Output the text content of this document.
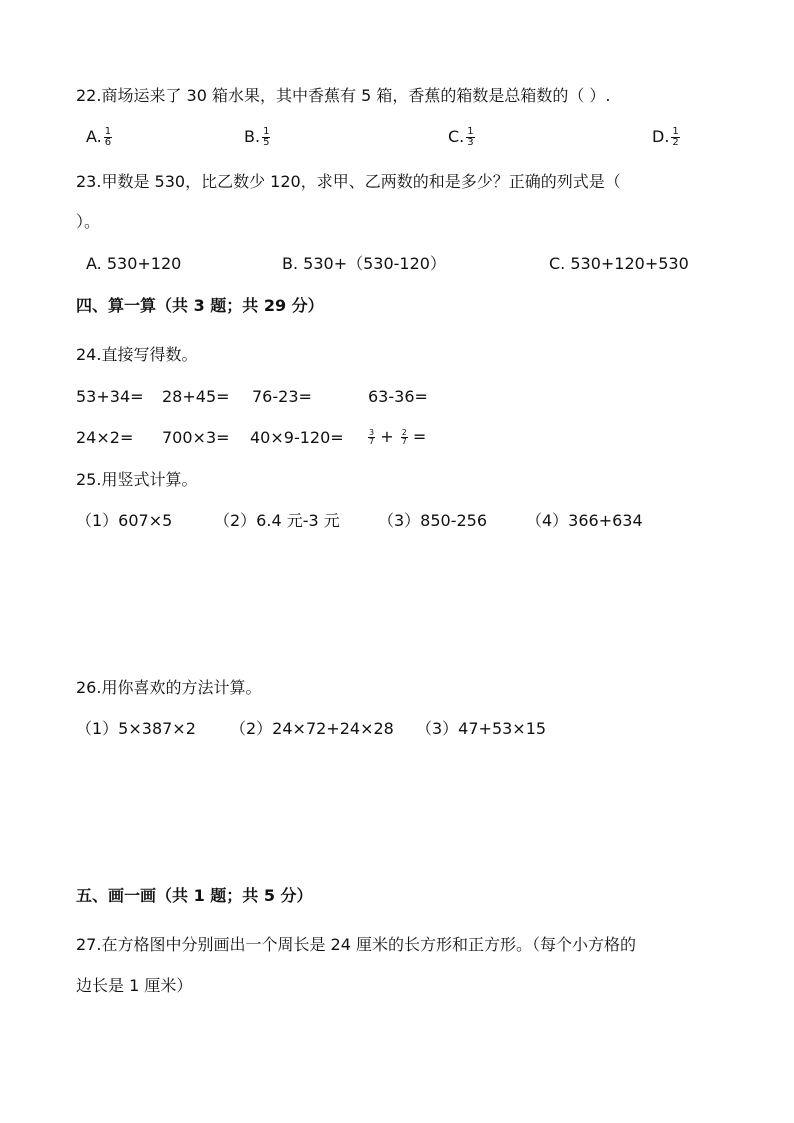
22.商场运来了 30 箱水果，其中香蕉有 5 箱，香蕉的箱数是总箱数的（ ）.
A. $\frac{1}{6}$	B. $\frac{1}{5}$	C. $\frac{1}{3}$	D. $\frac{1}{2}$
23.甲数是 530，比乙数少 120，求甲、乙两数的和是多少？正确的列式是（
）。
A. 530+120	B. 530+（530-120）	C. 530+120+530
四、算一算（共 3 题；共 29 分）
24.直接写得数。
53+34= 28+45= 76-23=	63-36=
24×2= 700×3= 40×9-120=	$\frac{3}{7} + \frac{2}{7}$ =
25.用竖式计算。
（1）607×5	（2）6.4 元-3 元 （3）850-256 （4）366+634
26.用你喜欢的方法计算。
（1）5×387×2 （2）24×72+24×28 （3）47+53×15
五、画一画（共 1 题；共 5 分）
27.在方格图中分别画出一个周长是 24 厘米的长方形和正方形。（每个小方格的
边长是 1 厘米）
